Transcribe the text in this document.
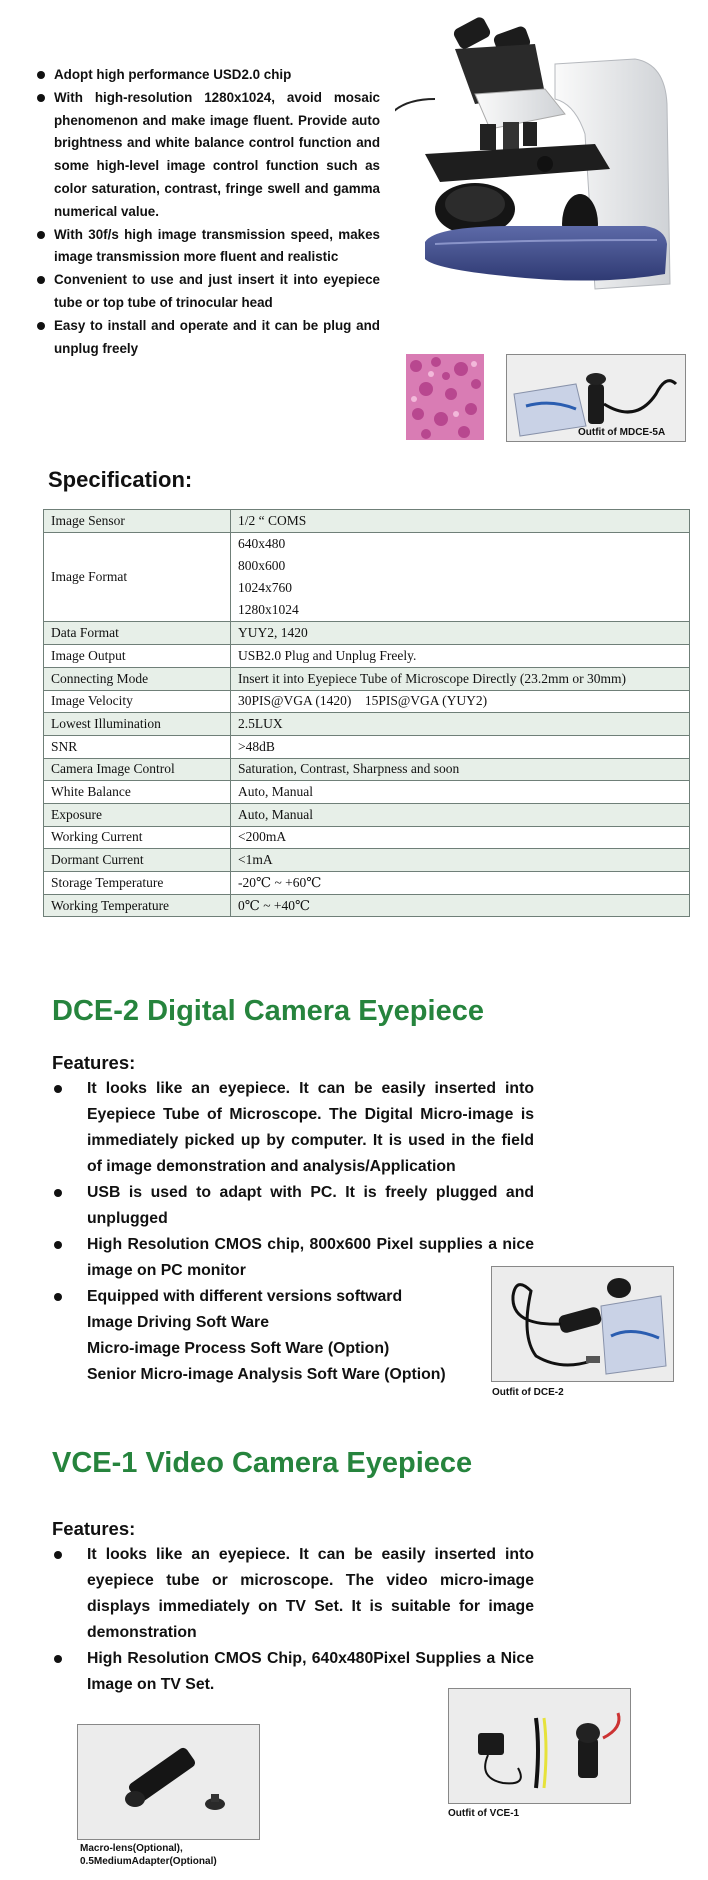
Adopt high performance USD2.0 chip
With high-resolution 1280x1024, avoid mosaic phenomenon and make image fluent. Provide auto brightness and white balance control function and some high-level image control function such as color saturation, contrast, fringe swell and gamma numerical value.
With 30f/s high image transmission speed, makes image transmission more fluent and realistic
Convenient to use and just insert it into eyepiece tube or top tube of trinocular head
Easy to install and operate and it can be plug and unplug freely
Outfit of MDCE-5A
Specification:
Image Sensor	1/2 “ COMS
Image Format	640x480
800x600
1024x760
1280x1024

Data Format	YUY2, 1420
Image Output	USB2.0 Plug and Unplug Freely.
Connecting Mode	Insert it into Eyepiece Tube of Microscope Directly (23.2mm or 30mm)
Image Velocity	30PIS@VGA (1420)    15PIS@VGA (YUY2)
Lowest Illumination	2.5LUX
SNR	>48dB
Camera Image Control	Saturation, Contrast, Sharpness and soon
White Balance	Auto, Manual
Exposure	Auto, Manual
Working Current	<200mA
Dormant Current	<1mA
Storage Temperature	-20℃ ~ +60℃
Working Temperature	0℃ ~ +40℃
DCE-2 Digital Camera Eyepiece
Features:
It looks like an eyepiece. It can be easily inserted into Eyepiece Tube of Microscope. The Digital Micro-image is immediately picked up by computer. It is used in the field of image demonstration and analysis/Application
USB is used to adapt with PC. It is freely plugged and unplugged
High Resolution CMOS chip, 800x600 Pixel supplies a nice image on PC monitor
Equipped with different versions softward
Image Driving Soft Ware
Micro-image Process Soft Ware (Option)
Senior Micro-image Analysis Soft Ware (Option)
Outfit of DCE-2
VCE-1 Video Camera Eyepiece
Features:
It looks like an eyepiece. It can be easily inserted into eyepiece tube or microscope. The video micro-image displays immediately on TV Set. It is suitable for image demonstration
High Resolution CMOS Chip, 640x480Pixel Supplies a Nice Image on TV Set.
Outfit of VCE-1
Macro-lens(Optional),
0.5MediumAdapter(Optional)
